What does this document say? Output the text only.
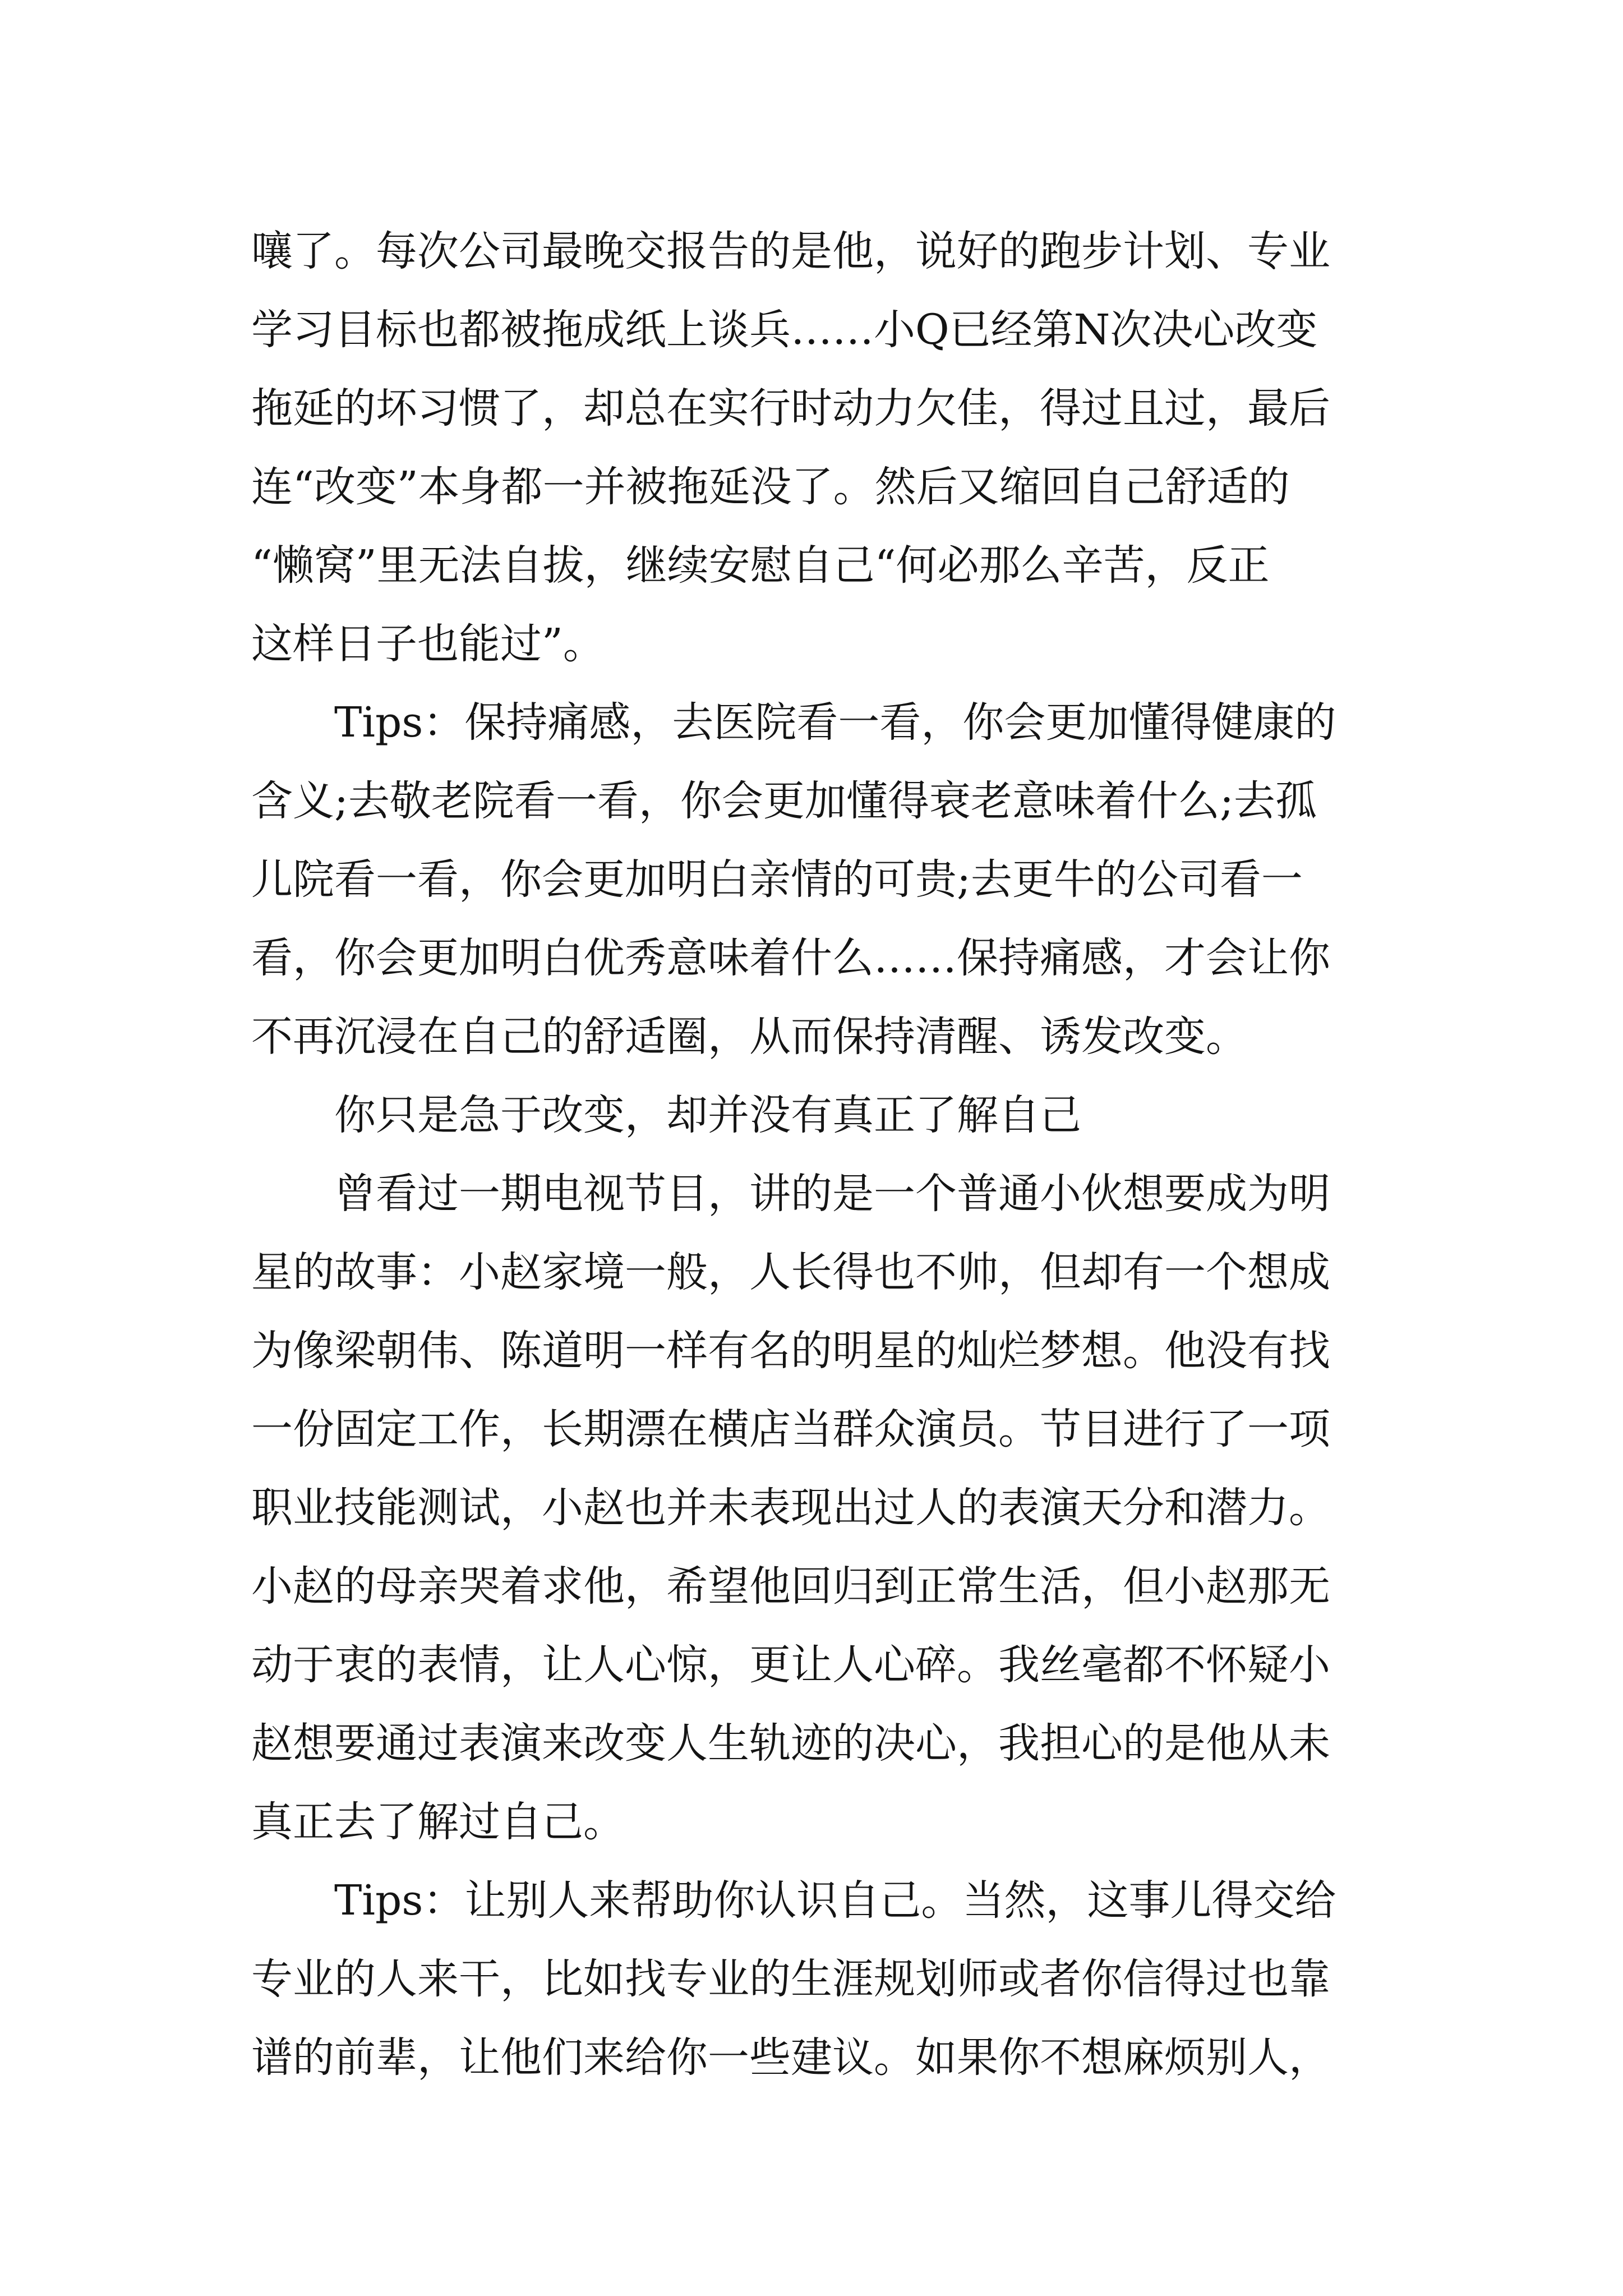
嚷了。每次公司最晚交报告的是他，说好的跑步计划、专业
学习目标也都被拖成纸上谈兵……小Q已经第N次决心改变
拖延的坏习惯了，却总在实行时动力欠佳，得过且过，最后
连“改变”本身都一并被拖延没了。然后又缩回自己舒适的
“懒窝”里无法自拔，继续安慰自己“何必那么辛苦，反正
这样日子也能过”。
Tips：保持痛感，去医院看一看，你会更加懂得健康的
含义;去敬老院看一看，你会更加懂得衰老意味着什么;去孤
儿院看一看，你会更加明白亲情的可贵;去更牛的公司看一
看，你会更加明白优秀意味着什么……保持痛感，才会让你
不再沉浸在自己的舒适圈，从而保持清醒、诱发改变。
你只是急于改变，却并没有真正了解自己
曾看过一期电视节目，讲的是一个普通小伙想要成为明
星的故事：小赵家境一般，人长得也不帅，但却有一个想成
为像梁朝伟、陈道明一样有名的明星的灿烂梦想。他没有找
一份固定工作，长期漂在横店当群众演员。节目进行了一项
职业技能测试，小赵也并未表现出过人的表演天分和潜力。
小赵的母亲哭着求他，希望他回归到正常生活，但小赵那无
动于衷的表情，让人心惊，更让人心碎。我丝毫都不怀疑小
赵想要通过表演来改变人生轨迹的决心，我担心的是他从未
真正去了解过自己。
Tips：让别人来帮助你认识自己。当然，这事儿得交给
专业的人来干，比如找专业的生涯规划师或者你信得过也靠
谱的前辈，让他们来给你一些建议。如果你不想麻烦别人，
